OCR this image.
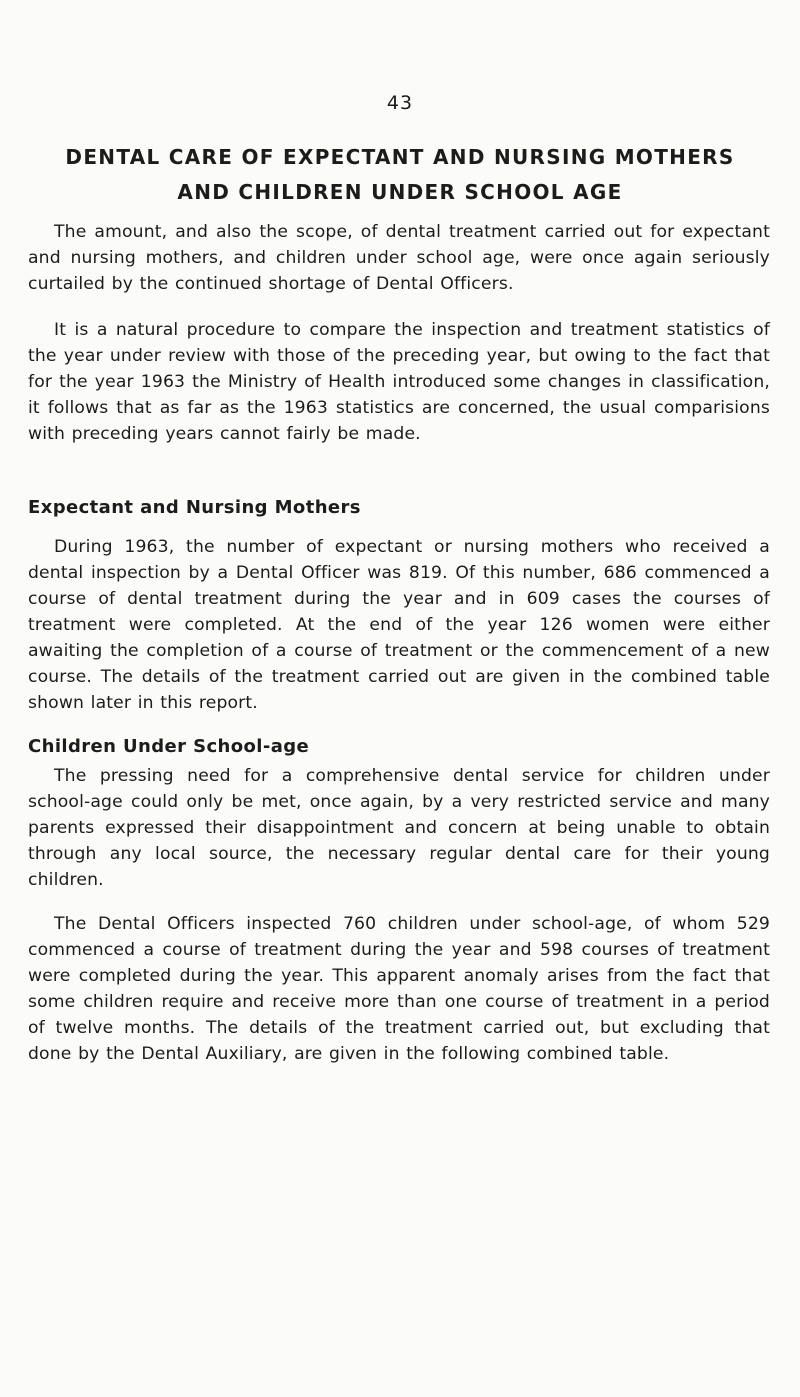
43
DENTAL CARE OF EXPECTANT AND NURSING MOTHERS
AND CHILDREN UNDER SCHOOL AGE

The amount, and also the scope, of dental treatment carried out for expectant and nursing mothers, and children under school age, were once again seriously curtailed by the continued shortage of Dental Officers.

It is a natural procedure to compare the inspection and treatment statistics of the year under review with those of the preceding year, but owing to the fact that for the year 1963 the Ministry of Health introduced some changes in classification, it follows that as far as the 1963 statistics are concerned, the usual comparisions with preceding years cannot fairly be made.

Expectant and Nursing Mothers

During 1963, the number of expectant or nursing mothers who received a dental inspection by a Dental Officer was 819. Of this number, 686 commenced a course of dental treatment during the year and in 609 cases the courses of treatment were completed. At the end of the year 126 women were either awaiting the completion of a course of treatment or the commencement of a new course. The details of the treatment carried out are given in the combined table shown later in this report.

Children Under School-age

The pressing need for a comprehensive dental service for children under school-age could only be met, once again, by a very restricted service and many parents expressed their disappointment and concern at being unable to obtain through any local source, the necessary regular dental care for their young children.

The Dental Officers inspected 760 children under school-age, of whom 529 commenced a course of treatment during the year and 598 courses of treatment were completed during the year. This apparent anomaly arises from the fact that some children require and receive more than one course of treatment in a period of twelve months. The details of the treatment carried out, but excluding that done by the Dental Auxiliary, are given in the following combined table.
